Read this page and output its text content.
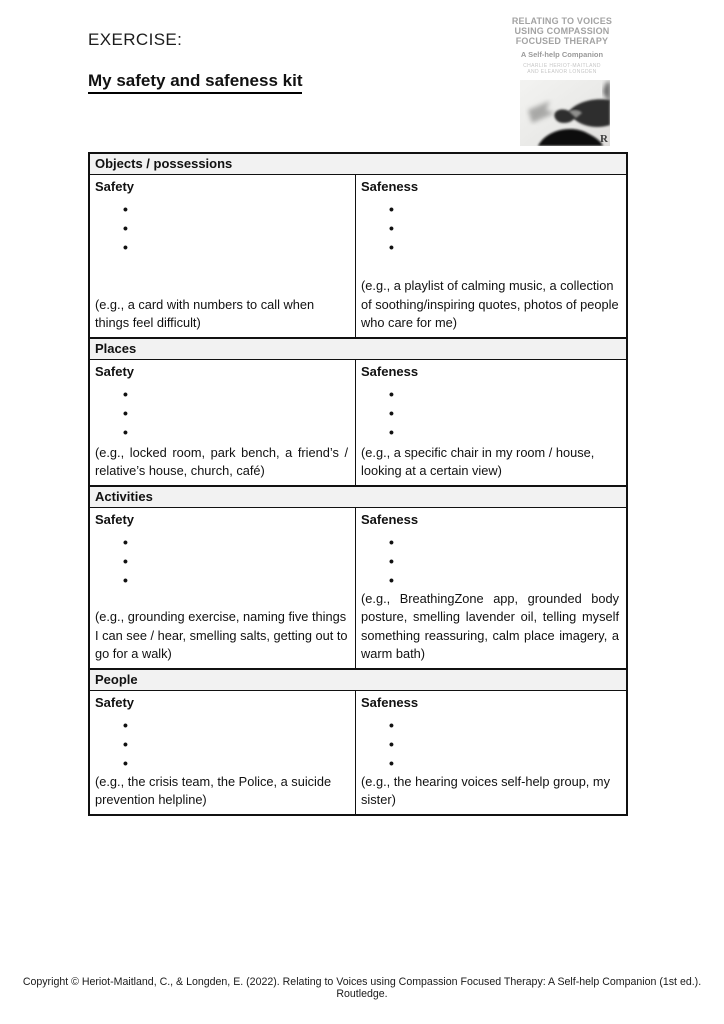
EXERCISE:
My safety and safeness kit
RELATING TO VOICES
USING COMPASSION
FOCUSED THERAPY
A Self-help Companion
CHARLIE HERIOT-MAITLAND
AND ELEANOR LONGDEN
R
Objects / possessions
Safety
•
•
•

(e.g., a card with numbers to call when things feel difficult)

Safeness
•
•
•

(e.g., a playlist of calming music, a collection of soothing/inspiring quotes, photos of people who care for me)

Places
Safety
•
•
•

(e.g., locked room, park bench, a friend’s / relative’s house, church, café)

Safeness
•
•
•

(e.g., a specific chair in my room / house, looking at a certain view)

Activities
Safety
•
•
•

(e.g., grounding exercise, naming five things I can see / hear, smelling salts, getting out to go for a walk)

Safeness
•
•
•

(e.g., BreathingZone app, grounded body posture, smelling lavender oil, telling myself something reassuring, calm place imagery, a warm bath)

People
Safety
•
•
•

(e.g., the crisis team, the Police, a suicide prevention helpline)

Safeness
•
•
•

(e.g., the hearing voices self-help group, my sister)

Copyright © Heriot-Maitland, C., & Longden, E. (2022). Relating to Voices using Compassion Focused Therapy: A Self-help Companion (1st ed.). Routledge.
